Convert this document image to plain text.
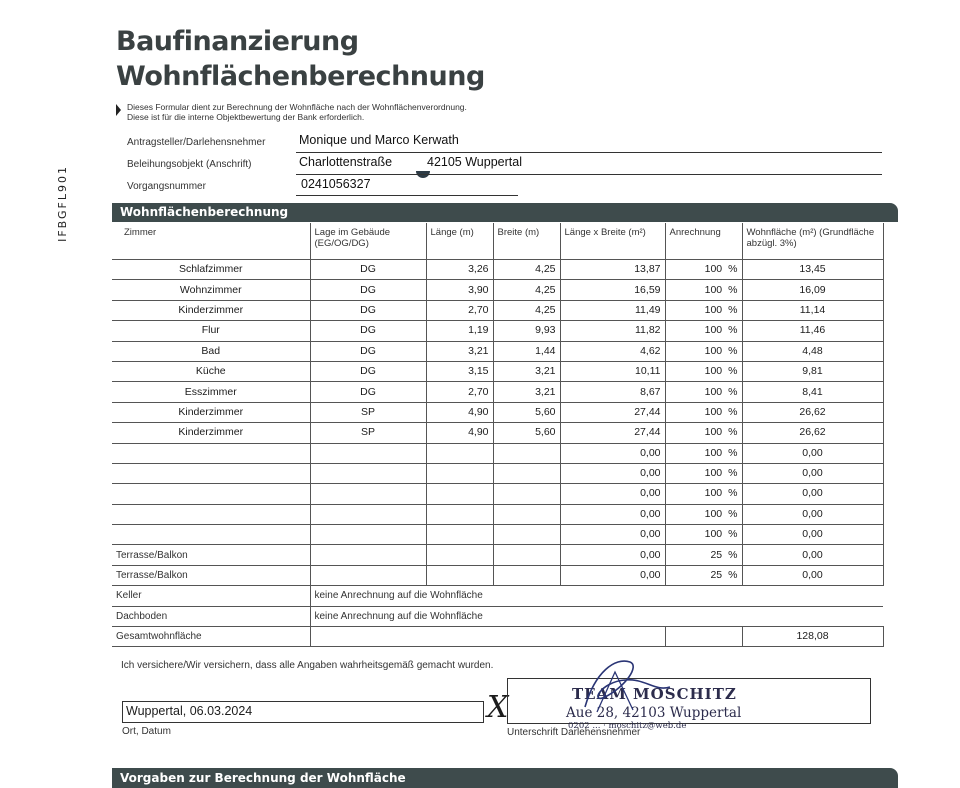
Baufinanzierung
Wohnflächenberechnung
Dieses Formular dient zur Berechnung der Wohnfläche nach der Wohnflächenverordnung.
Diese ist für die interne Objektbewertung der Bank erforderlich.
IFBGFL901
Antragsteller/Darlehensnehmer	Monique und Marco Kerwath
Beleihungsobjekt (Anschrift)	Charlottenstraße	42105 Wuppertal
Vorgangsnummer	0241056327
Wohnflächenberechnung
Zimmer	Lage im Gebäude (EG/OG/DG)	Länge (m)	Breite (m)	Länge x Breite (m²)	Anrechnung	Wohnfläche (m²) (Grundfläche abzügl. 3%)
Schlafzimmer	DG	3,26	4,25	13,87	100 %	13,45
Wohnzimmer	DG	3,90	4,25	16,59	100 %	16,09
Kinderzimmer	DG	2,70	4,25	11,49	100 %	11,14
Flur	DG	1,19	9,93	11,82	100 %	11,46
Bad	DG	3,21	1,44	4,62	100 %	4,48
Küche	DG	3,15	3,21	10,11	100 %	9,81
Esszimmer	DG	2,70	3,21	8,67	100 %	8,41
Kinderzimmer	SP	4,90	5,60	27,44	100 %	26,62
Kinderzimmer	SP	4,90	5,60	27,44	100 %	26,62
				0,00	100 %	0,00
				0,00	100 %	0,00
				0,00	100 %	0,00
				0,00	100 %	0,00
				0,00	100 %	0,00
Terrasse/Balkon				0,00	25 %	0,00
Terrasse/Balkon				0,00	25 %	0,00
Keller	keine Anrechnung auf die Wohnfläche					
Dachboden	keine Anrechnung auf die Wohnfläche					
Gesamtwohnfläche						128,08
Ich versichere/Wir versichern, dass alle Angaben wahrheitsgemäß gemacht wurden.
Wuppertal, 06.03.2024
Ort, Datum
X	TEAM MOSCHITZ
Aue 28, 42103 Wuppertal
0202 ... · moschitz@web.de
Unterschrift Darlehensnehmer
Vorgaben zur Berechnung der Wohnfläche
